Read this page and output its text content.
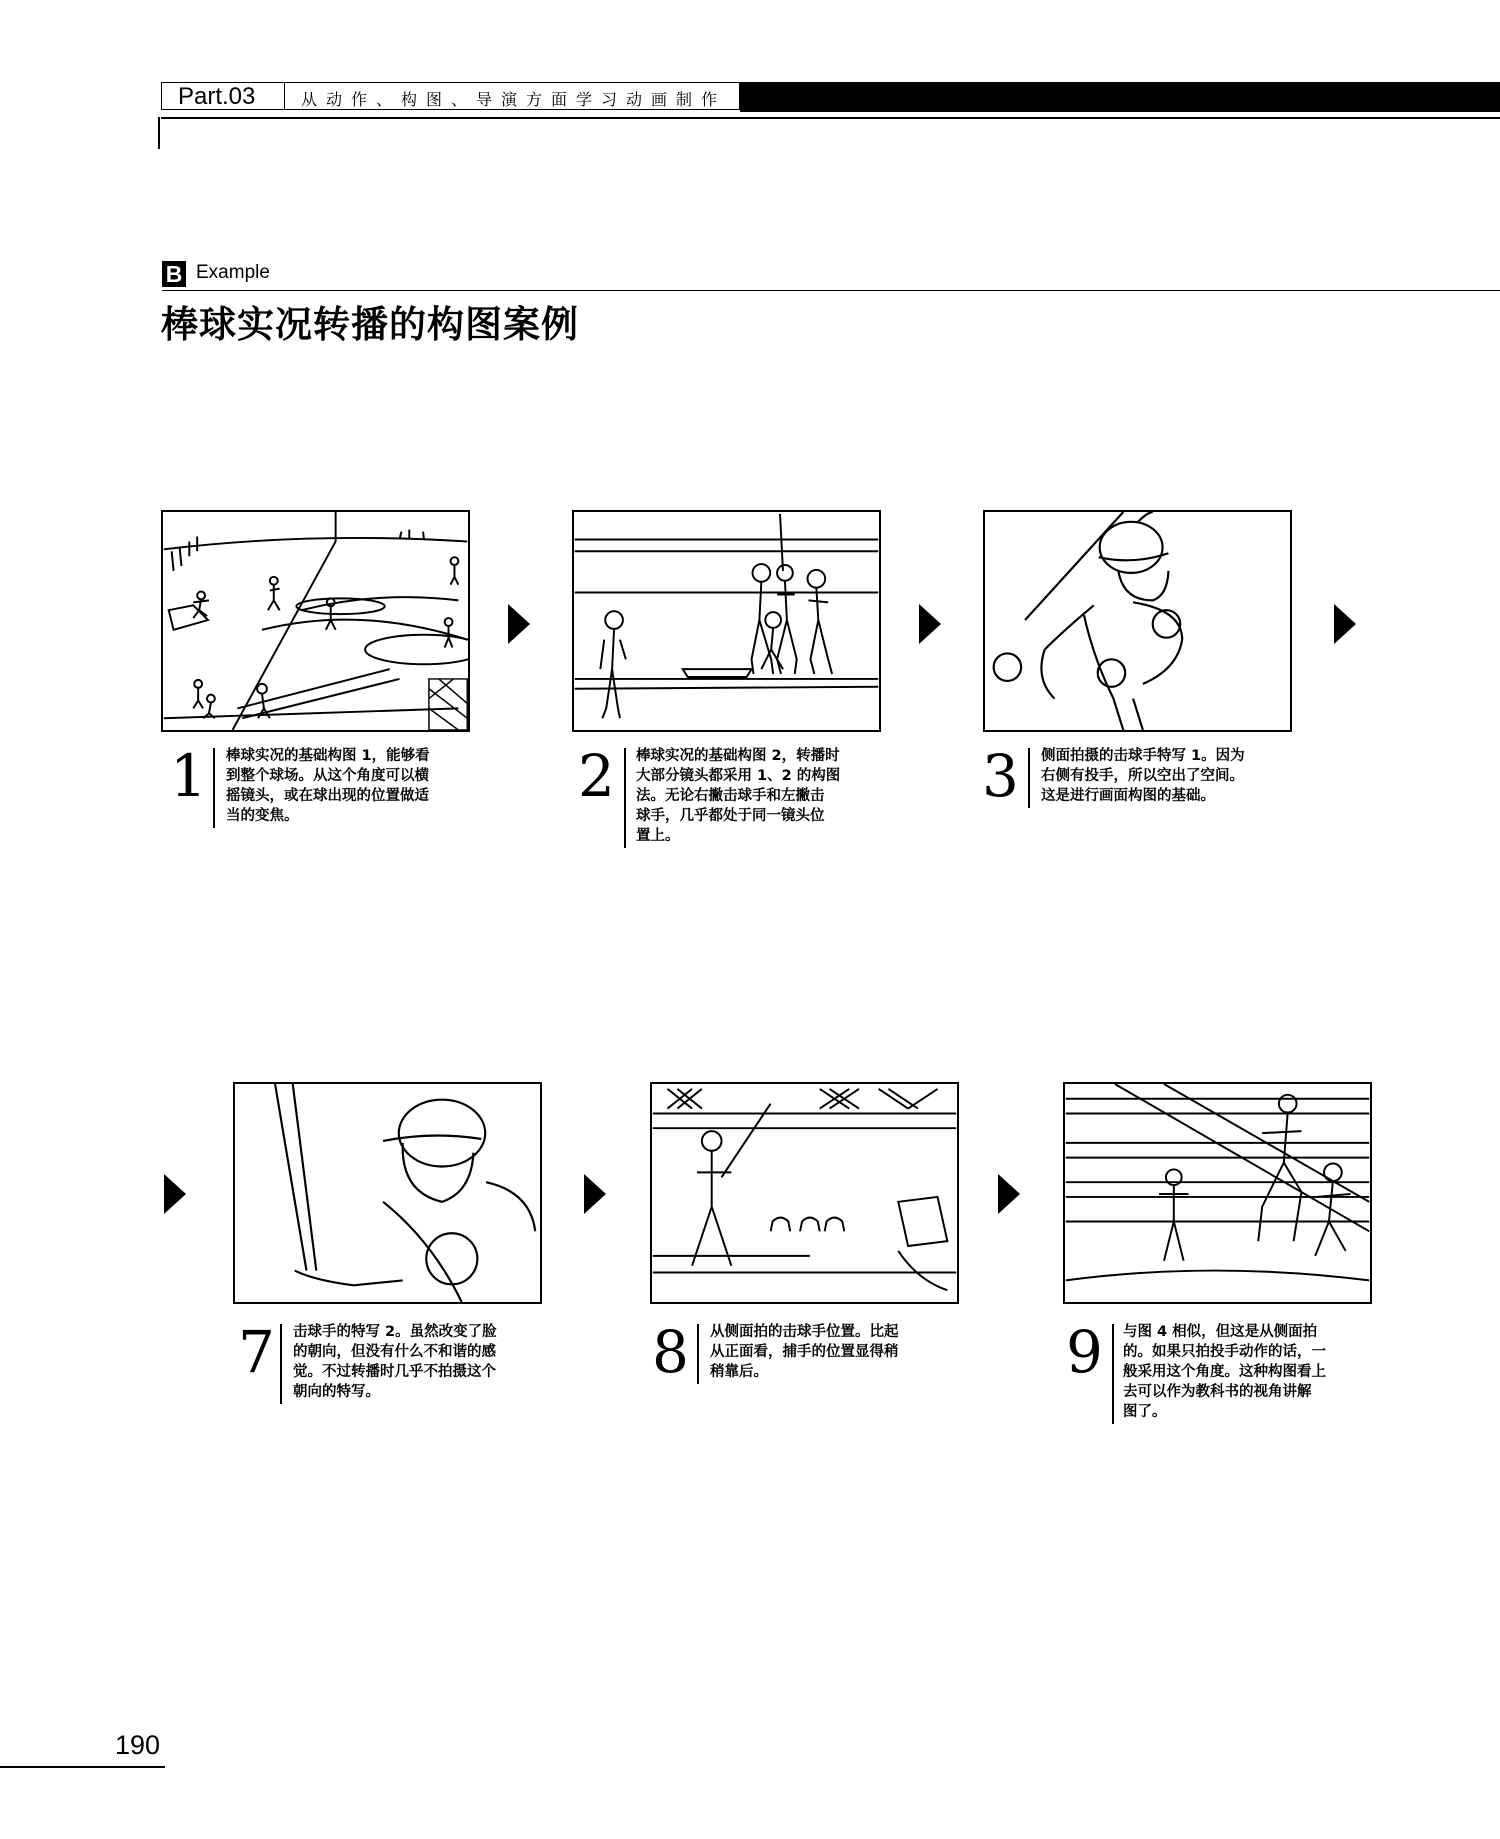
Part.03	从动作、构图、导演方面学习动画制作
B Example
棒球实况转播的构图案例
1 棒球实况的基础构图 1，能够看
到整个球场。从这个角度可以横
摇镜头，或在球出现的位置做适
当的变焦。
2 棒球实况的基础构图 2，转播时
大部分镜头都采用 1、2 的构图
法。无论右撇击球手和左撇击
球手，几乎都处于同一镜头位
置上。
3 侧面拍摄的击球手特写 1。因为
右侧有投手，所以空出了空间。
这是进行画面构图的基础。
7 击球手的特写 2。虽然改变了脸
的朝向，但没有什么不和谐的感
觉。不过转播时几乎不拍摄这个
朝向的特写。
8 从侧面拍的击球手位置。比起
从正面看，捕手的位置显得稍
稍靠后。	9 与图 4 相似，但这是从侧面拍
的。如果只拍投手动作的话，一
般采用这个角度。这种构图看上
去可以作为教科书的视角讲解
图了。
190
